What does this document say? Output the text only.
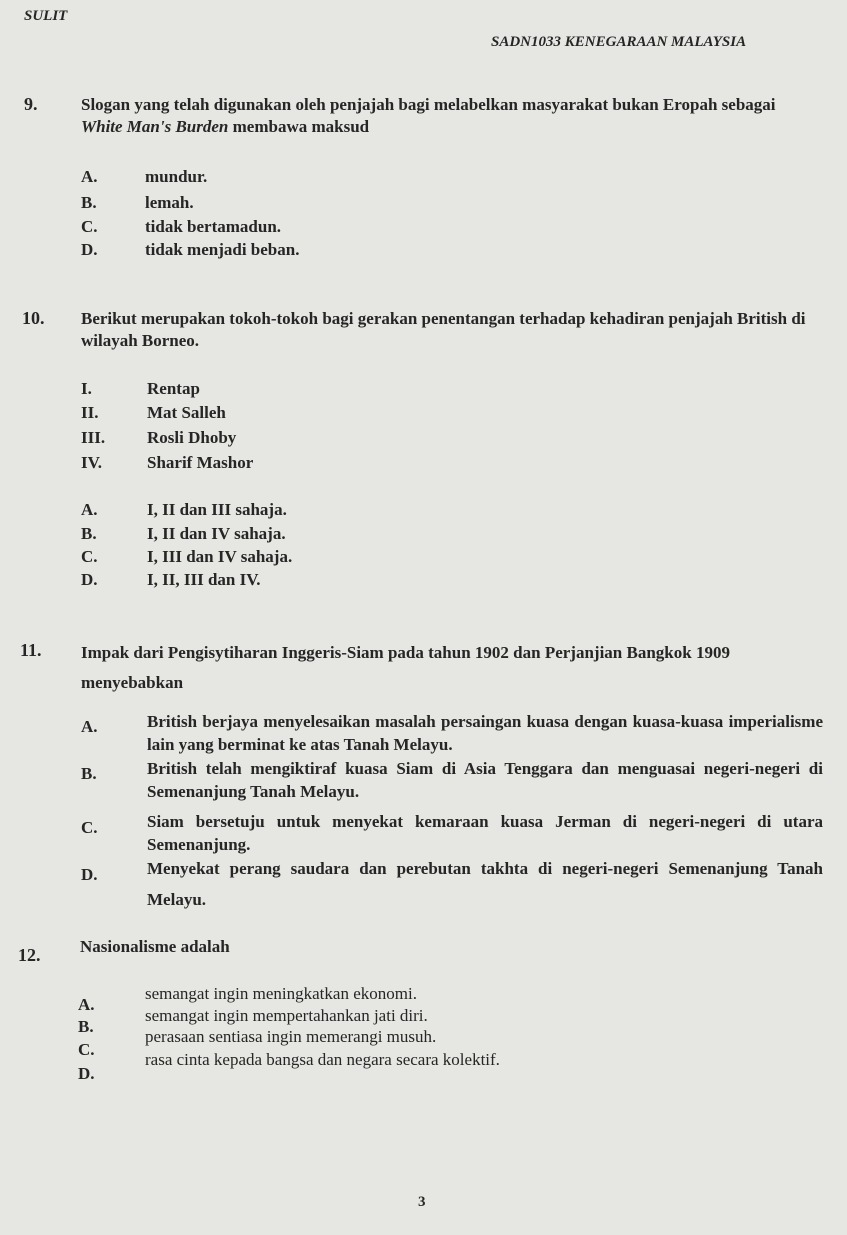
SULIT
SADN1033 KENEGARAAN MALAYSIA
9.	Slogan yang telah digunakan oleh penjajah bagi melabelkan masyarakat bukan Eropah sebagai White Man's Burden membawa maksud
A.	mundur.
B.	lemah.
C.	tidak bertamadun.
D.	tidak menjadi beban.
10. Berikut merupakan tokoh-tokoh bagi gerakan penentangan terhadap kehadiran penjajah British di wilayah Borneo.
I.	Rentap
II.	Mat Salleh
III. Rosli Dhoby
IV.	Sharif Mashor
A.	I, II dan III sahaja.
B.	I, II dan IV sahaja.
C.	I, III dan IV sahaja.
D.	I, II, III dan IV.
11. Impak dari Pengisytiharan Inggeris-Siam pada tahun 1902 dan Perjanjian Bangkok 1909 menyebabkan
A.	British berjaya menyelesaikan masalah persaingan kuasa dengan kuasa-kuasa imperialisme lain yang berminat ke atas Tanah Melayu.
B.	British telah mengiktiraf kuasa Siam di Asia Tenggara dan menguasai negeri-negeri di Semenanjung Tanah Melayu.
C.	Siam bersetuju untuk menyekat kemaraan kuasa Jerman di negeri-negeri di utara Semenanjung.
D.	Menyekat perang saudara dan perebutan takhta di negeri-negeri Semenanjung Tanah Melayu.
12. Nasionalisme adalah
A.
semangat ingin meningkatkan ekonomi.
B.
semangat ingin mempertahankan jati diri.
C.
perasaan sentiasa ingin memerangi musuh.
D.
rasa cinta kepada bangsa dan negara secara kolektif.
3
